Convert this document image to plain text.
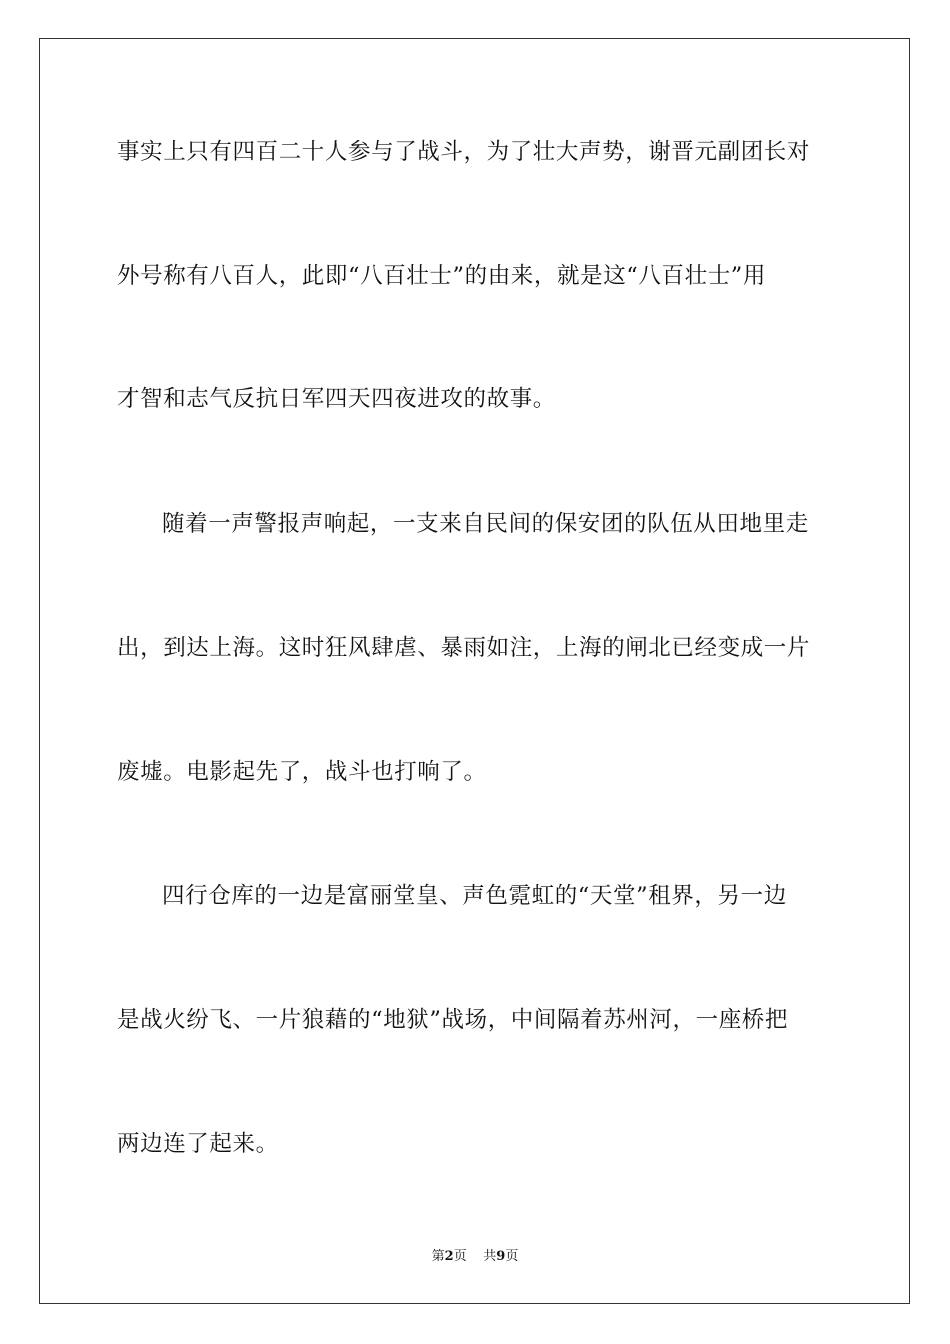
事实上只有四百二十人参与了战斗，为了壮大声势，谢晋元副团长对
外号称有八百人，此即“八百壮士”的由来，就是这“八百壮士”用
才智和志气反抗日军四天四夜进攻的故事。
随着一声警报声响起，一支来自民间的保安团的队伍从田地里走
出，到达上海。这时狂风肆虐、暴雨如注，上海的闸北已经变成一片
废墟。电影起先了，战斗也打响了。
四行仓库的一边是富丽堂皇、声色霓虹的“天堂”租界，另一边
是战火纷飞、一片狼藉的“地狱”战场，中间隔着苏州河，一座桥把
两边连了起来。
第2页 共9页
